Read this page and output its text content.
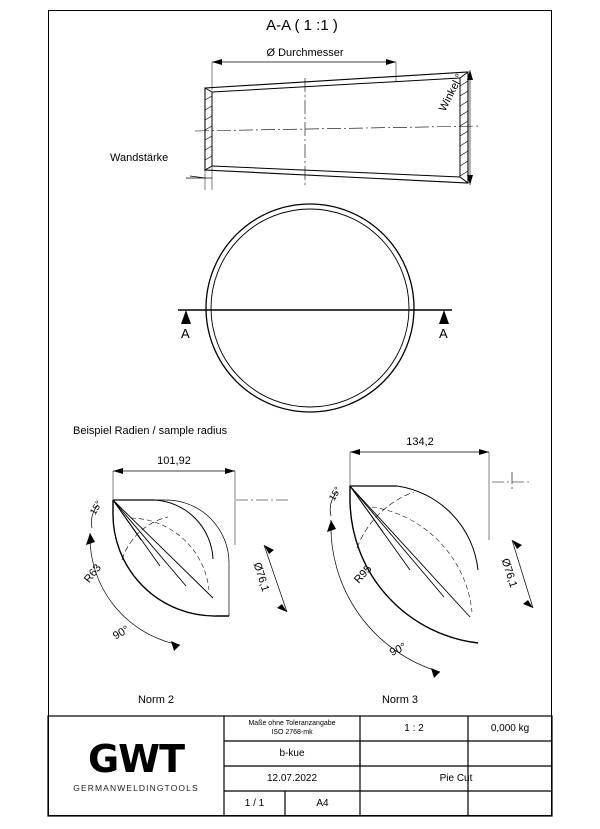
A-A ( 1 :1 )
Ø Durchmesser
Wandstärke
Winkel °
A	A
Beispiel Radien / sample radius
101,92
15°
R63
90°
Ø76,1
Norm 2
134,2
15°
R95
90°
Ø76,1
Norm 3
GWT
GERMANWELDINGTOOLS
Maße ohne Toleranzangabe
ISO 2768-mk	1 : 2	0,000 kg
b-kue
12.07.2022	Pie Cut
1 / 1	A4
